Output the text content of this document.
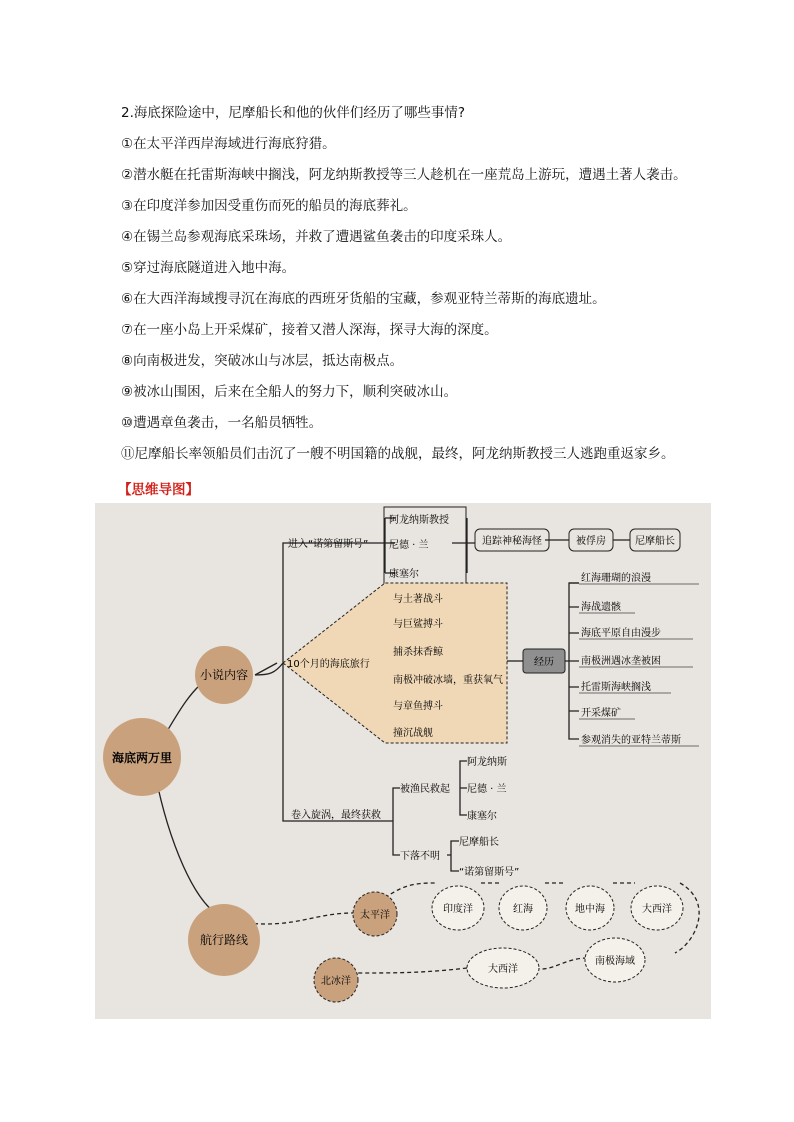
2.海底探险途中，尼摩船长和他的伙伴们经历了哪些事情?
①在太平洋西岸海域进行海底狩猎。
②潜水艇在托雷斯海峡中搁浅，阿龙纳斯教授等三人趁机在一座荒岛上游玩，遭遇土著人袭击。
③在印度洋参加因受重伤而死的船员的海底葬礼。
④在锡兰岛参观海底采珠场，并救了遭遇鲨鱼袭击的印度采珠人。
⑤穿过海底隧道进入地中海。
⑥在大西洋海域搜寻沉在海底的西班牙货船的宝藏，参观亚特兰蒂斯的海底遗址。
⑦在一座小岛上开采煤矿，接着又潜人深海，探寻大海的深度。
⑧向南极进发，突破冰山与冰层，抵达南极点。
⑨被冰山围困，后来在全船人的努力下，顺利突破冰山。
⑩遭遇章鱼袭击，一名船员牺牲。
⑪尼摩船长率领船员们击沉了一艘不明国籍的战舰，最终，阿龙纳斯教授三人逃跑重返家乡。
【思维导图】
海底两万里
小说内容
航行路线
进入“诺第留斯号”
阿龙纳斯教授
尼德 · 兰
康塞尔
追踪神秘海怪	被俘房	尼摩船长
10个月的海底旅行
与土著战斗
与巨鲨搏斗
捕杀抹香鲸
南极冲破冰墙，重获氧气
与章鱼搏斗
撞沉战舰
经历
红海珊瑚的浪漫
海战遗骸
海底平原自由漫步
南极洲遇冰垄被困
托雷斯海峡搁浅
开采煤矿
参观消失的亚特兰蒂斯
卷入旋涡，最终获救
被渔民救起
阿龙纳斯
尼德 · 兰
康塞尔
下落不明
尼摩船长
“诺第留斯号”
太平洋
印度洋	红海	地中海	大西洋
南极海域
大西洋
北冰洋
